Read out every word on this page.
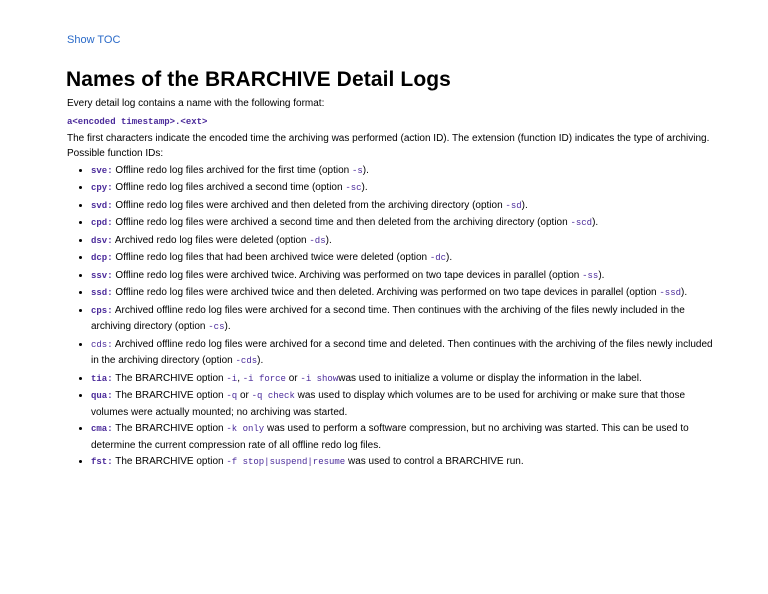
Show TOC
Names of the BRARCHIVE Detail Logs

Every detail log contains a name with the following format:

a<encoded timestamp>.<ext>

The first characters indicate the encoded time the archiving was performed (action ID). The extension (function ID) indicates the type of archiving.

Possible function IDs:

• sve: Offline redo log files archived for the first time (option -s).
• cpy: Offline redo log files archived a second time (option -sc).
• svd: Offline redo log files were archived and then deleted from the archiving directory (option -sd).
• cpd: Offline redo log files were archived a second time and then deleted from the archiving directory (option -scd).
• dsv: Archived redo log files were deleted (option -ds).
• dcp: Offline redo log files that had been archived twice were deleted (option -dc).
• ssv: Offline redo log files were archived twice. Archiving was performed on two tape devices in parallel (option -ss).
• ssd: Offline redo log files were archived twice and then deleted. Archiving was performed on two tape devices in parallel (option -ssd).
• cps: Archived offline redo log files were archived for a second time. Then continues with the archiving of the files newly included in the archiving directory (option -cs).
• cds: Archived offline redo log files were archived for a second time and deleted. Then continues with the archiving of the files newly included in the archiving directory (option -cds).
• tia: The BRARCHIVE option -i, -i force or -i showwas used to initialize a volume or display the information in the label.
• qua: The BRARCHIVE option -q or -q check was used to display which volumes are to be used for archiving or make sure that those volumes were actually mounted; no archiving was started.
• cma: The BRARCHIVE option -k only was used to perform a software compression, but no archiving was started. This can be used to determine the current compression rate of all offline redo log files.
• fst: The BRARCHIVE option -f stop|suspend|resume was used to control a BRARCHIVE run.
